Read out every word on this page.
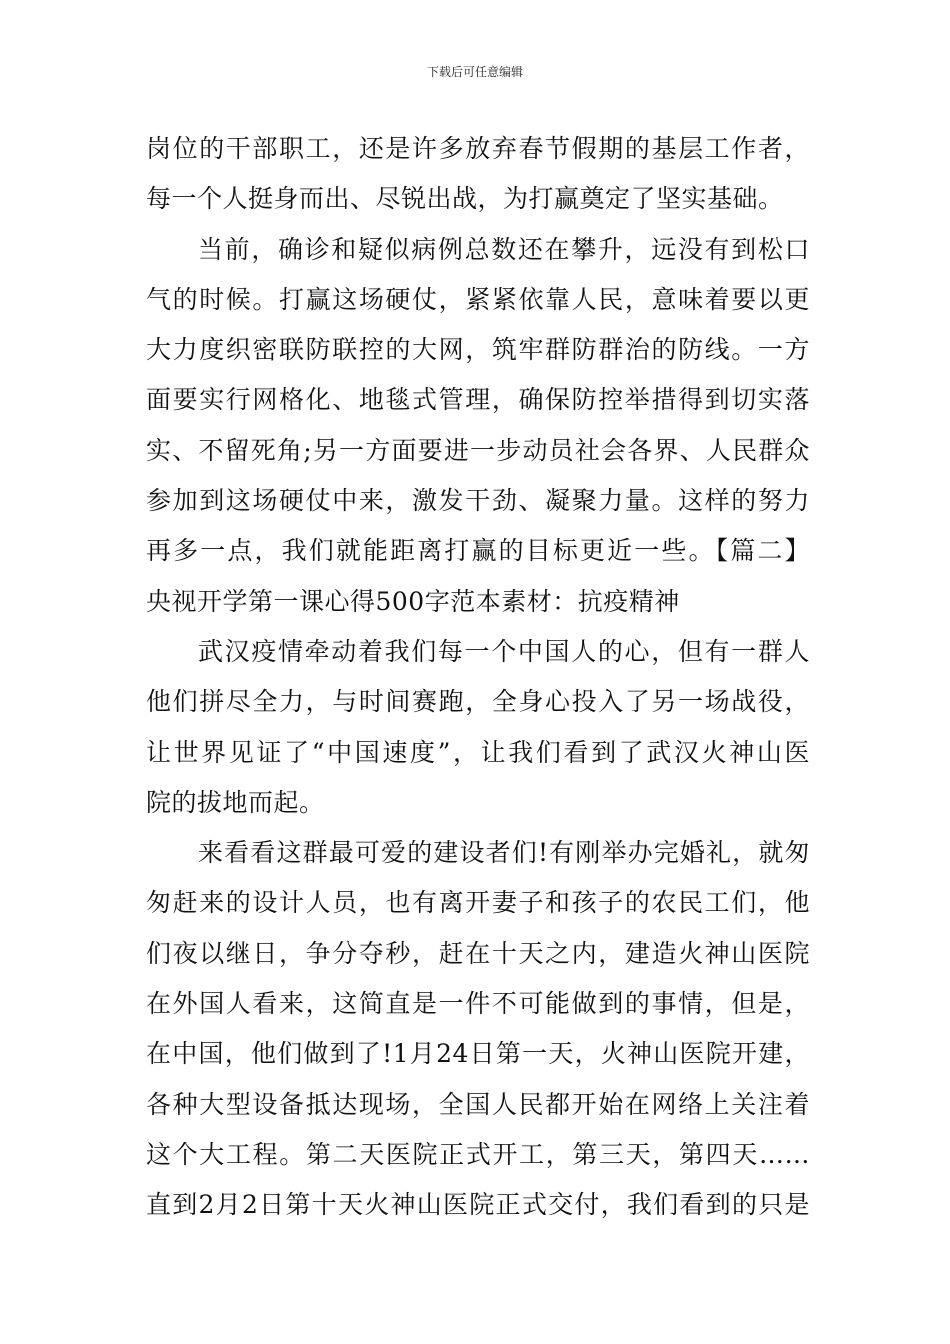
下载后可任意编辑
岗位的干部职工，还是许多放弃春节假期的基层工作者，
每一个人挺身而出、尽锐出战，为打赢奠定了坚实基础。
当前，确诊和疑似病例总数还在攀升，远没有到松口
气的时候。打赢这场硬仗，紧紧依靠人民，意味着要以更
大力度织密联防联控的大网，筑牢群防群治的防线。一方
面要实行网格化、地毯式管理，确保防控举措得到切实落
实、不留死角;另一方面要进一步动员社会各界、人民群众
参加到这场硬仗中来，激发干劲、凝聚力量。这样的努力
再多一点，我们就能距离打赢的目标更近一些。【篇二】
央视开学第一课心得500字范本素材：抗疫精神
武汉疫情牵动着我们每一个中国人的心，但有一群人
他们拼尽全力，与时间赛跑，全身心投入了另一场战役，
让世界见证了“中国速度”，让我们看到了武汉火神山医
院的拔地而起。
来看看这群最可爱的建设者们!有刚举办完婚礼，就匆
匆赶来的设计人员，也有离开妻子和孩子的农民工们，他
们夜以继日，争分夺秒，赶在十天之内，建造火神山医院
在外国人看来，这简直是一件不可能做到的事情，但是，
在中国，他们做到了!1月24日第一天，火神山医院开建，
各种大型设备抵达现场，全国人民都开始在网络上关注着
这个大工程。第二天医院正式开工，第三天，第四天……
直到2月2日第十天火神山医院正式交付，我们看到的只是
